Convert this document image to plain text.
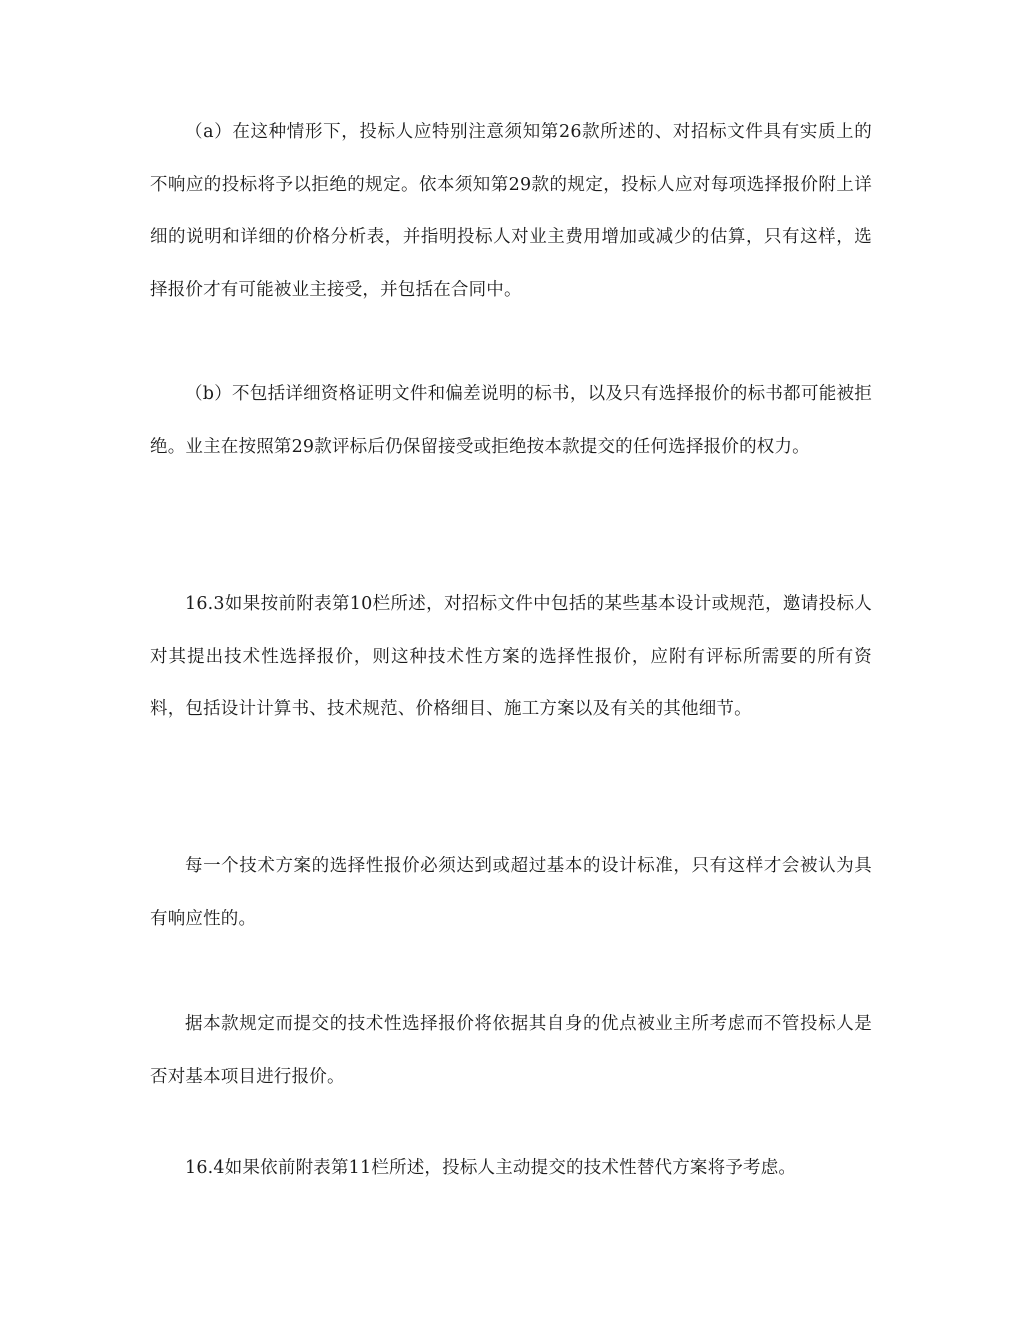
（a）在这种情形下，投标人应特别注意须知第26款所述的、对招标文件具有实质上的不响应的投标将予以拒绝的规定。依本须知第29款的规定，投标人应对每项选择报价附上详细的说明和详细的价格分析表，并指明投标人对业主费用增加或减少的估算，只有这样，选择报价才有可能被业主接受，并包括在合同中。

（b）不包括详细资格证明文件和偏差说明的标书，以及只有选择报价的标书都可能被拒绝。业主在按照第29款评标后仍保留接受或拒绝按本款提交的任何选择报价的权力。

16.3如果按前附表第10栏所述，对招标文件中包括的某些基本设计或规范，邀请投标人对其提出技术性选择报价，则这种技术性方案的选择性报价，应附有评标所需要的所有资料，包括设计计算书、技术规范、价格细目、施工方案以及有关的其他细节。

每一个技术方案的选择性报价必须达到或超过基本的设计标准，只有这样才会被认为具有响应性的。

据本款规定而提交的技术性选择报价将依据其自身的优点被业主所考虑而不管投标人是否对基本项目进行报价。

16.4如果依前附表第11栏所述，投标人主动提交的技术性替代方案将予考虑。
